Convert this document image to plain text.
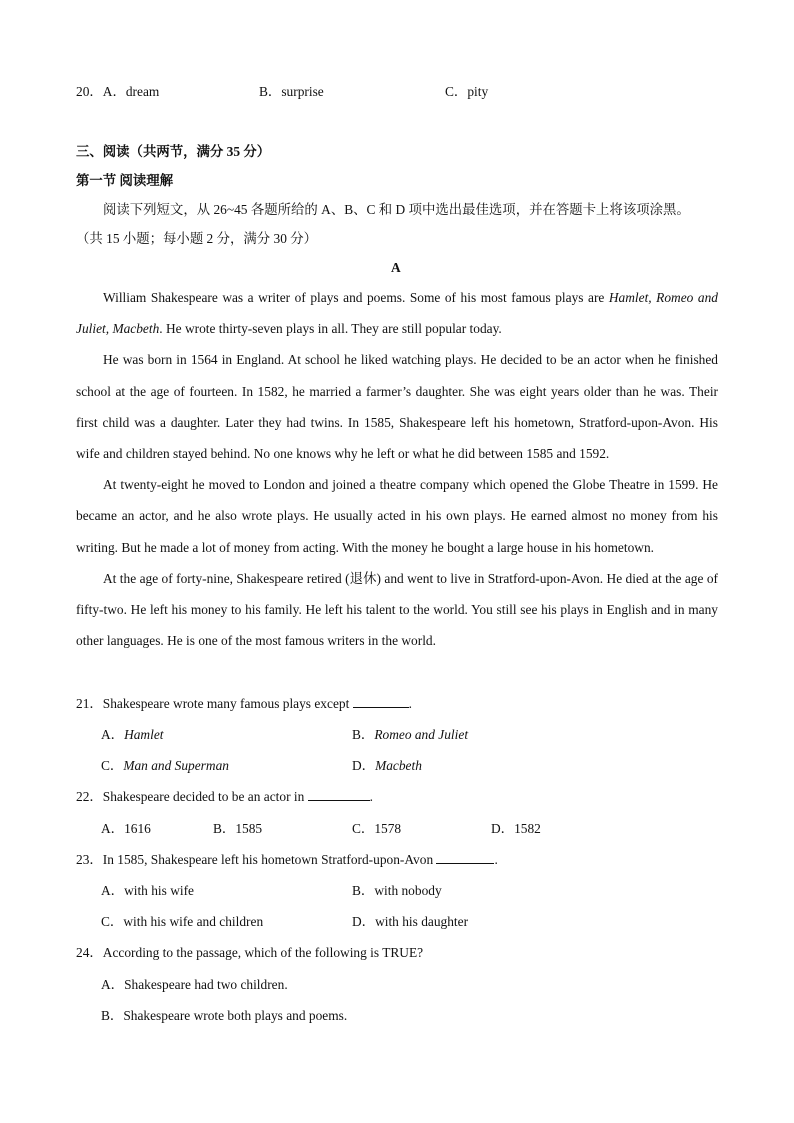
20．A．dream	B．surprise	C．pity
三、阅读（共两节，满分 35 分）
第一节 阅读理解
阅读下列短文，从 26~45 各题所给的 A、B、C 和 D 项中选出最佳选项，并在答题卡上将该项涂黑。
（共 15 小题；每小题 2 分，满分 30 分）
A

William Shakespeare was a writer of plays and poems. Some of his most famous plays are Hamlet, Romeo and Juliet, Macbeth. He wrote thirty-seven plays in all. They are still popular today.

He was born in 1564 in England. At school he liked watching plays. He decided to be an actor when he finished school at the age of fourteen. In 1582, he married a farmer’s daughter. She was eight years older than he was. Their first child was a daughter. Later they had twins. In 1585, Shakespeare left his hometown, Stratford-upon-Avon. His wife and children stayed behind. No one knows why he left or what he did between 1585 and 1592.

At twenty-eight he moved to London and joined a theatre company which opened the Globe Theatre in 1599. He became an actor, and he also wrote plays. He usually acted in his own plays. He earned almost no money from his writing. But he made a lot of money from acting. With the money he bought a large house in his hometown.

At the age of forty-nine, Shakespeare retired (退休) and went to live in Stratford-upon-Avon. He died at the age of fifty-two. He left his money to his family. He left his talent to the world. You still see his plays in English and in many other languages. He is one of the most famous writers in the world.

21．Shakespeare wrote many famous plays except	.
A．Hamlet	B．Romeo and Juliet
C．Man and Superman	D．Macbeth
22．Shakespeare decided to be an actor in	.
A．1616	B．1585	C．1578	D．1582
23．In 1585, Shakespeare left his hometown Stratford-upon-Avon	.
A．with his wife	B．with nobody
C．with his wife and children	D．with his daughter
24．According to the passage, which of the following is TRUE?
A．Shakespeare had two children.
B．Shakespeare wrote both plays and poems.
